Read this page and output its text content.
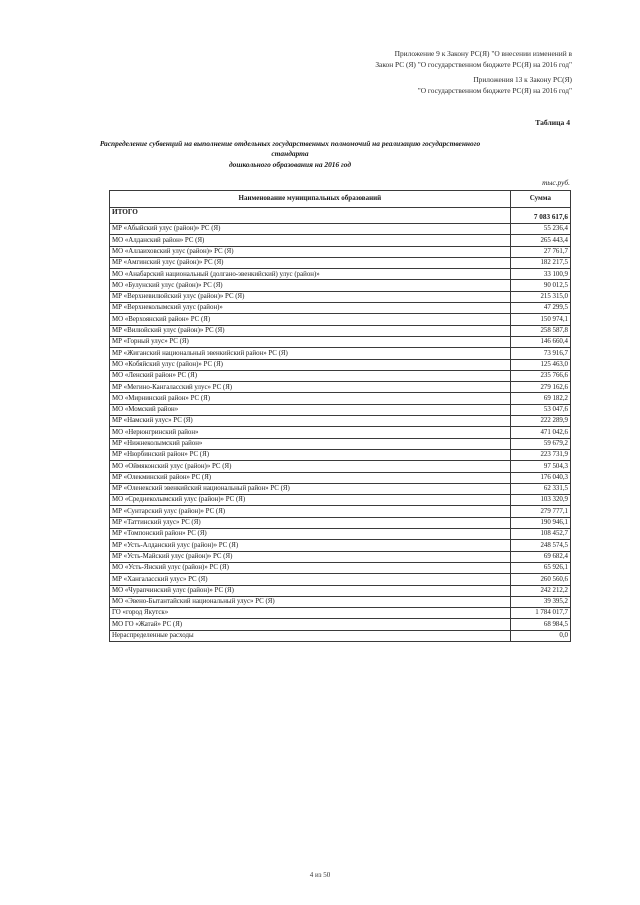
Приложение 9 к Закону РС(Я) "О внесении изменений в
Закон РС (Я) "О государственном бюджете РС(Я) на 2016 год"
Приложения 13 к Закону РС(Я)
"О государственном бюджете РС(Я) на 2016 год"
Таблица 4
Распределение субвенций на выполнение отдельных государственных полномочий на реализацию государственного стандарта
дошкольного образования на 2016 год
тыс.руб.
Наименование муниципальных образований	Сумма
ИТОГО	7 083 617,6
МР «Абыйский улус (район)» РС (Я)	55 236,4
МО «Алданский район» РС (Я)	265 443,4
МО «Аллаиховский улус (район)» РС (Я)	27 761,7
МР «Амгинский улус (район)» РС (Я)	182 217,5
МО «Анабарский национальный (долгано-эвенкийский) улус (район)»	33 100,9
МО «Булунский улус (район)» РС (Я)	90 012,5
МР «Верхневилюйский улус (район)» РС (Я)	215 315,0
МР «Верхнеколымский улус (район)»	47 299,5
МО «Верхоянский район» РС (Я)	150 974,1
МР «Вилюйский улус (район)» РС (Я)	258 587,8
МР «Горный улус» РС (Я)	146 660,4
МР «Жиганский национальный эвенкийский район» РС (Я)	73 916,7
МО «Кобяйский улус (район)» РС (Я)	125 463,0
МО «Ленский район» РС (Я)	235 766,6
МР «Мегино-Кангаласский улус» РС (Я)	279 162,6
МО «Мирнинский район» РС (Я)	69 182,2
МО «Момский район»	53 047,6
МР «Намский улус» РС (Я)	222 289,9
МО «Нерюнгринский район»	471 042,6
МР «Нижнеколымский район»	59 679,2
МР «Нюрбинский район» РС (Я)	223 731,9
МО «Оймяконский улус (район)» РС (Я)	97 504,3
МР «Олекминский район» РС (Я)	176 040,3
МР «Оленекский эвенкийский национальный район» РС (Я)	62 331,5
МО «Среднеколымский улус (район)» РС (Я)	103 320,9
МР «Сунтарский улус (район)» РС (Я)	279 777,1
МР «Таттинский улус» РС (Я)	190 946,1
МР «Томпонский район» РС (Я)	108 452,7
МР «Усть-Алданский улус (район)» РС (Я)	248 574,5
МР «Усть-Майский улус (район)» РС (Я)	69 682,4
МО «Усть-Янский улус (район)» РС (Я)	65 926,1
МР «Хангаласский улус» РС (Я)	260 560,6
МО «Чурапчинский улус (район)» РС (Я)	242 212,2
МО «Эвено-Бытантайский национальный улус» РС (Я)	39 395,2
ГО «город Якутск»	1 784 017,7
МО ГО «Жатай» РС (Я)	68 984,5
Нераспределенные расходы	0,0
4 из 50
